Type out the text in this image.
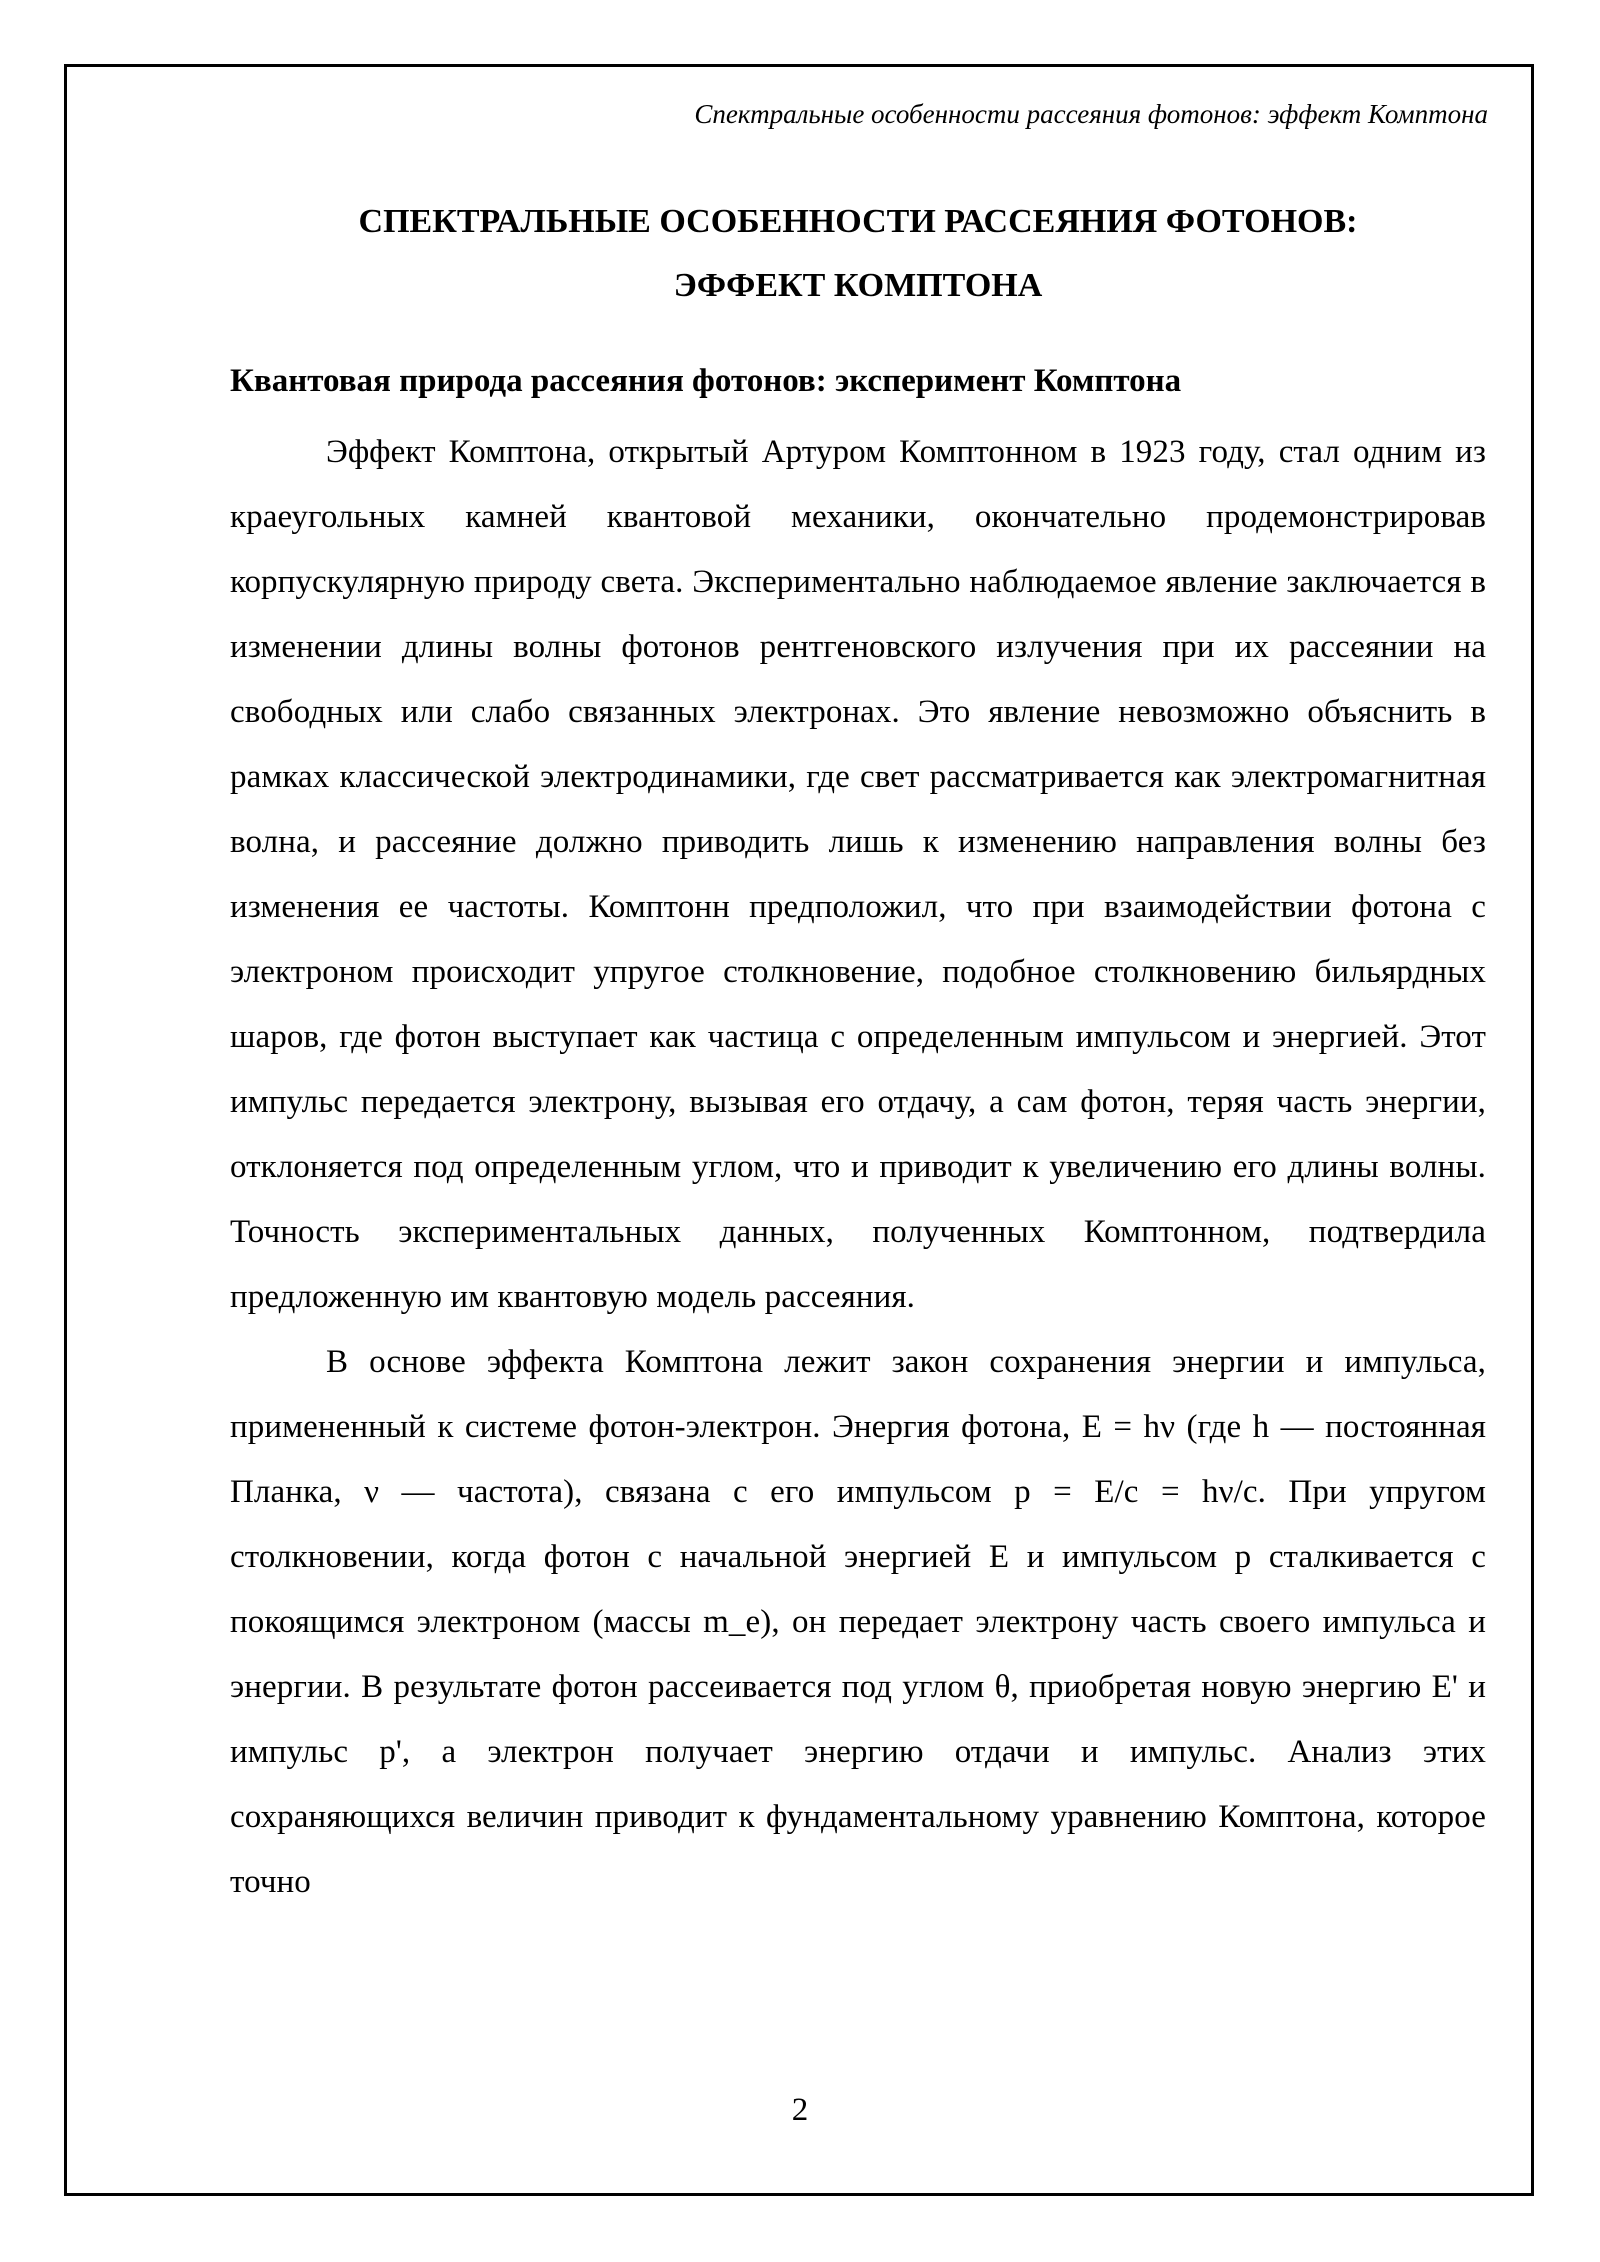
Спектральные особенности рассеяния фотонов: эффект Комптона
СПЕКТРАЛЬНЫЕ ОСОБЕННОСТИ РАССЕЯНИЯ ФОТОНОВ:
ЭФФЕКТ КОМПТОНА
Квантовая природа рассеяния фотонов: эксперимент Комптона

Эффект Комптона, открытый Артуром Комптонном в 1923 году, стал одним из краеугольных камней квантовой механики, окончательно продемонстрировав корпускулярную природу света. Экспериментально наблюдаемое явление заключается в изменении длины волны фотонов рентгеновского излучения при их рассеянии на свободных или слабо связанных электронах. Это явление невозможно объяснить в рамках классической электродинамики, где свет рассматривается как электромагнитная волна, и рассеяние должно приводить лишь к изменению направления волны без изменения ее частоты. Комптонн предположил, что при взаимодействии фотона с электроном происходит упругое столкновение, подобное столкновению бильярдных шаров, где фотон выступает как частица с определенным импульсом и энергией. Этот импульс передается электрону, вызывая его отдачу, а сам фотон, теряя часть энергии, отклоняется под определенным углом, что и приводит к увеличению его длины волны. Точность экспериментальных данных, полученных Комптонном, подтвердила предложенную им квантовую модель рассеяния.

В основе эффекта Комптона лежит закон сохранения энергии и импульса, примененный к системе фотон-электрон. Энергия фотона, E = hν (где h — постоянная Планка, ν — частота), связана с его импульсом p = E/c = hν/c. При упругом столкновении, когда фотон с начальной энергией E и импульсом p сталкивается с покоящимся электроном (массы m_e), он передает электрону часть своего импульса и энергии. В результате фотон рассеивается под углом θ, приобретая новую энергию E' и импульс p', а электрон получает энергию отдачи и импульс. Анализ этих сохраняющихся величин приводит к фундаментальному уравнению Комптона, которое точно

2
